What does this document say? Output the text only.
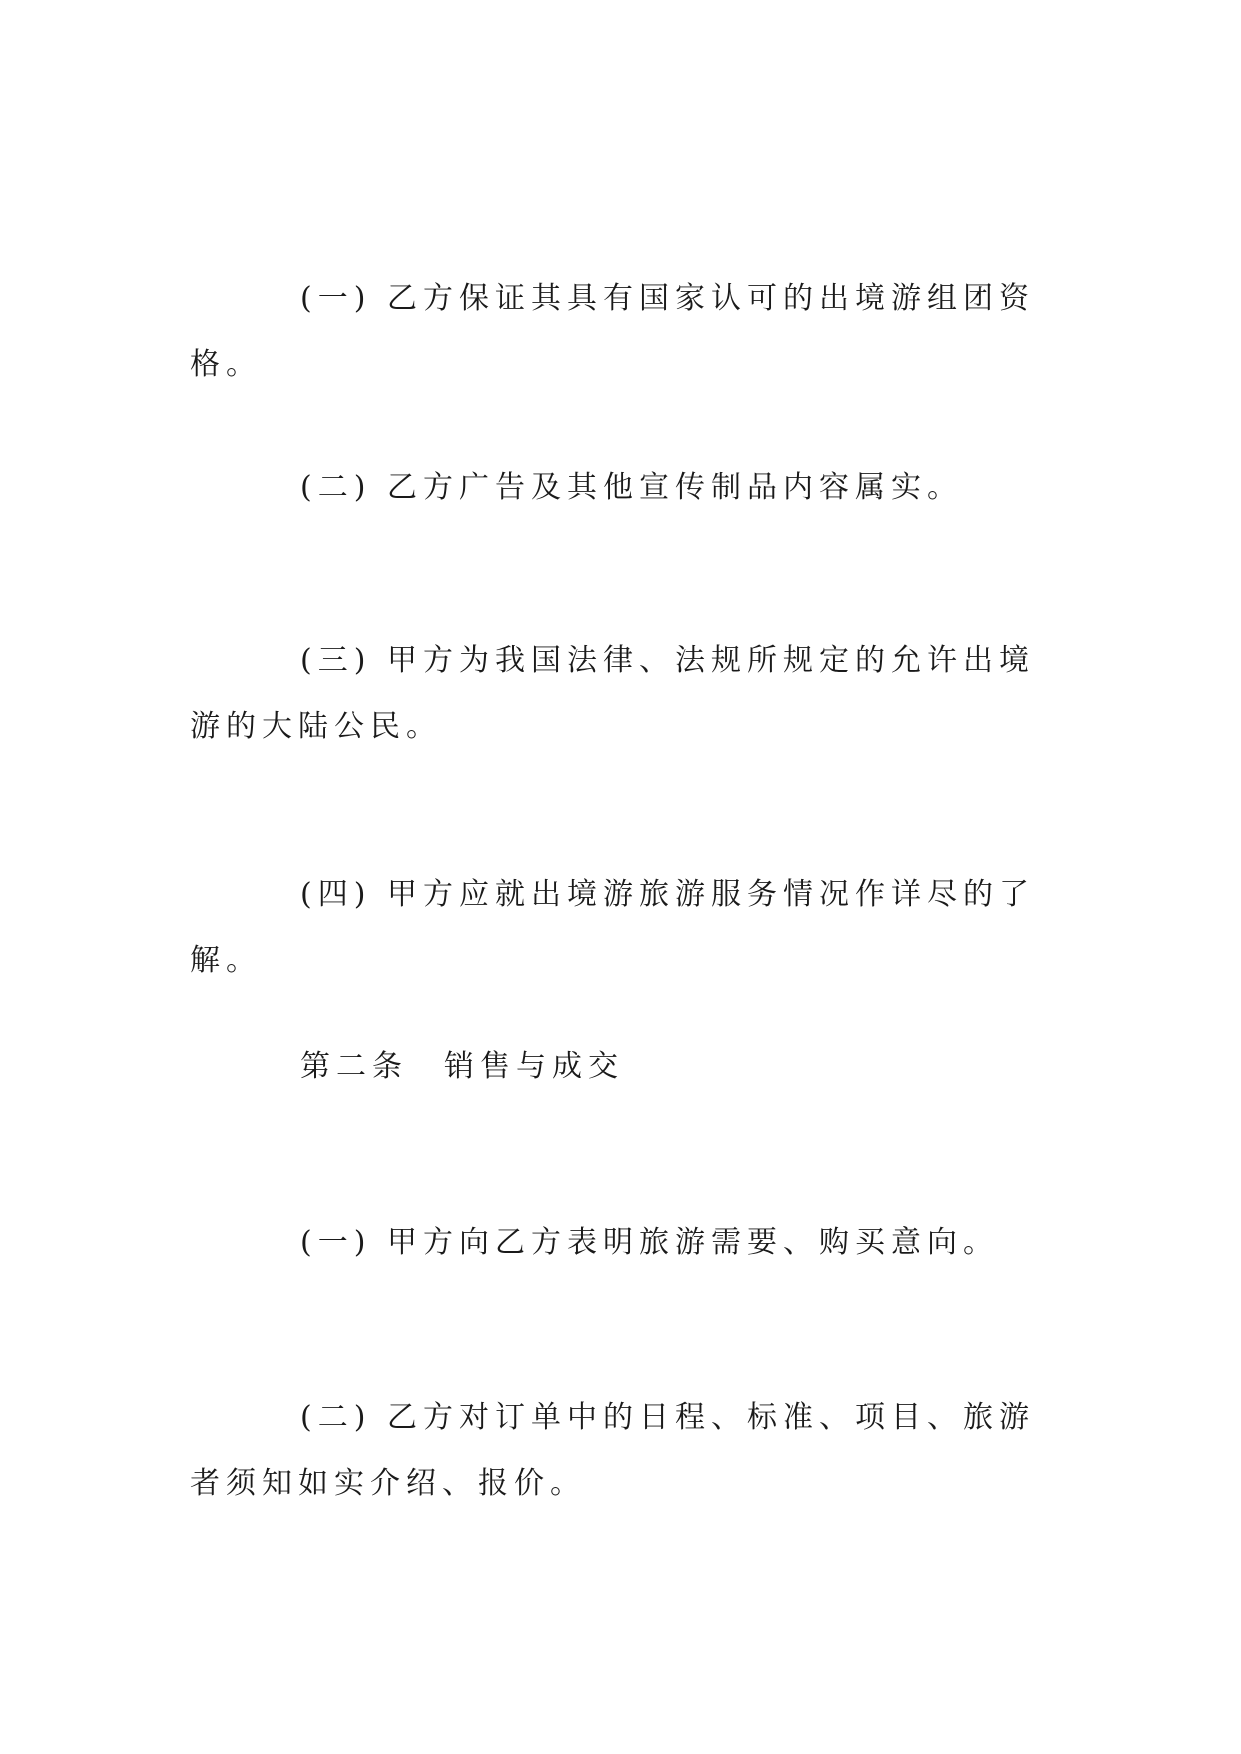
(一) 乙方保证其具有国家认可的出境游组团资格。

(二) 乙方广告及其他宣传制品内容属实。

(三) 甲方为我国法律、法规所规定的允许出境游的大陆公民。

(四) 甲方应就出境游旅游服务情况作详尽的了解。

第二条　销售与成交

(一) 甲方向乙方表明旅游需要、购买意向。

(二) 乙方对订单中的日程、标准、项目、旅游者须知如实介绍、报价。
